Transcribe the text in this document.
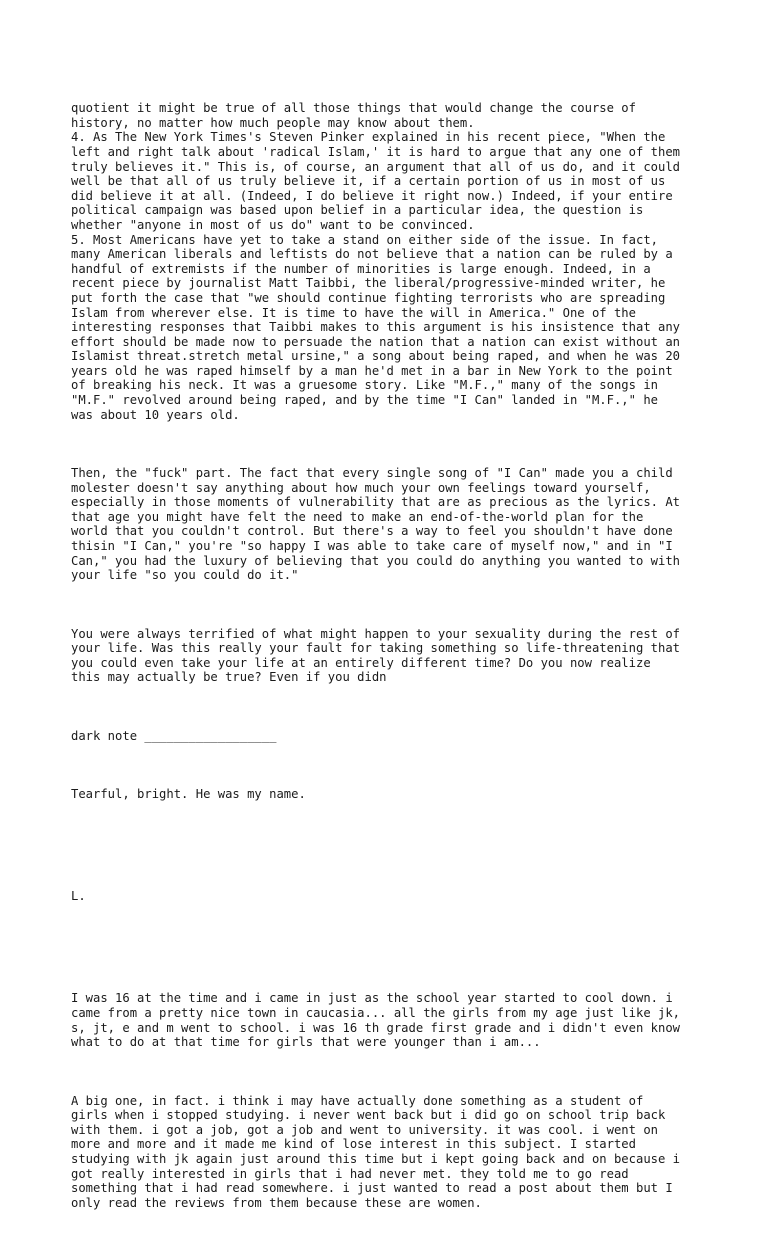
quotient it might be true of all those things that would change the course of
history, no matter how much people may know about them.
4. As The New York Times's Steven Pinker explained in his recent piece, "When the
left and right talk about 'radical Islam,' it is hard to argue that any one of them
truly believes it." This is, of course, an argument that all of us do, and it could
well be that all of us truly believe it, if a certain portion of us in most of us
did believe it at all. (Indeed, I do believe it right now.) Indeed, if your entire
political campaign was based upon belief in a particular idea, the question is
whether "anyone in most of us do" want to be convinced.
5. Most Americans have yet to take a stand on either side of the issue. In fact,
many American liberals and leftists do not believe that a nation can be ruled by a
handful of extremists if the number of minorities is large enough. Indeed, in a
recent piece by journalist Matt Taibbi, the liberal/progressive-minded writer, he
put forth the case that "we should continue fighting terrorists who are spreading
Islam from wherever else. It is time to have the will in America." One of the
interesting responses that Taibbi makes to this argument is his insistence that any
effort should be made now to persuade the nation that a nation can exist without an
Islamist threat.stretch metal ursine," a song about being raped, and when he was 20
years old he was raped himself by a man he'd met in a bar in New York to the point
of breaking his neck. It was a gruesome story. Like "M.F.," many of the songs in
"M.F." revolved around being raped, and by the time "I Can" landed in "M.F.," he
was about 10 years old.

Then, the "fuck" part. The fact that every single song of "I Can" made you a child
molester doesn't say anything about how much your own feelings toward yourself,
especially in those moments of vulnerability that are as precious as the lyrics. At
that age you might have felt the need to make an end-of-the-world plan for the
world that you couldn't control. But there's a way to feel you shouldn't have done
thisin "I Can," you're "so happy I was able to take care of myself now," and in "I
Can," you had the luxury of believing that you could do anything you wanted to with
your life "so you could do it."

You were always terrified of what might happen to your sexuality during the rest of
your life. Was this really your fault for taking something so life-threatening that
you could even take your life at an entirely different time? Do you now realize
this may actually be true? Even if you didn

dark note __________________

Tearful, bright. He was my name.

L.

I was 16 at the time and i came in just as the school year started to cool down. i
came from a pretty nice town in caucasia... all the girls from my age just like jk,
s, jt, e and m went to school. i was 16 th grade first grade and i didn't even know
what to do at that time for girls that were younger than i am...

A big one, in fact. i think i may have actually done something as a student of
girls when i stopped studying. i never went back but i did go on school trip back
with them. i got a job, got a job and went to university. it was cool. i went on
more and more and it made me kind of lose interest in this subject. I started
studying with jk again just around this time but i kept going back and on because i
got really interested in girls that i had never met. they told me to go read
something that i had read somewhere. i just wanted to read a post about them but I
only read the reviews from them because these are women.
